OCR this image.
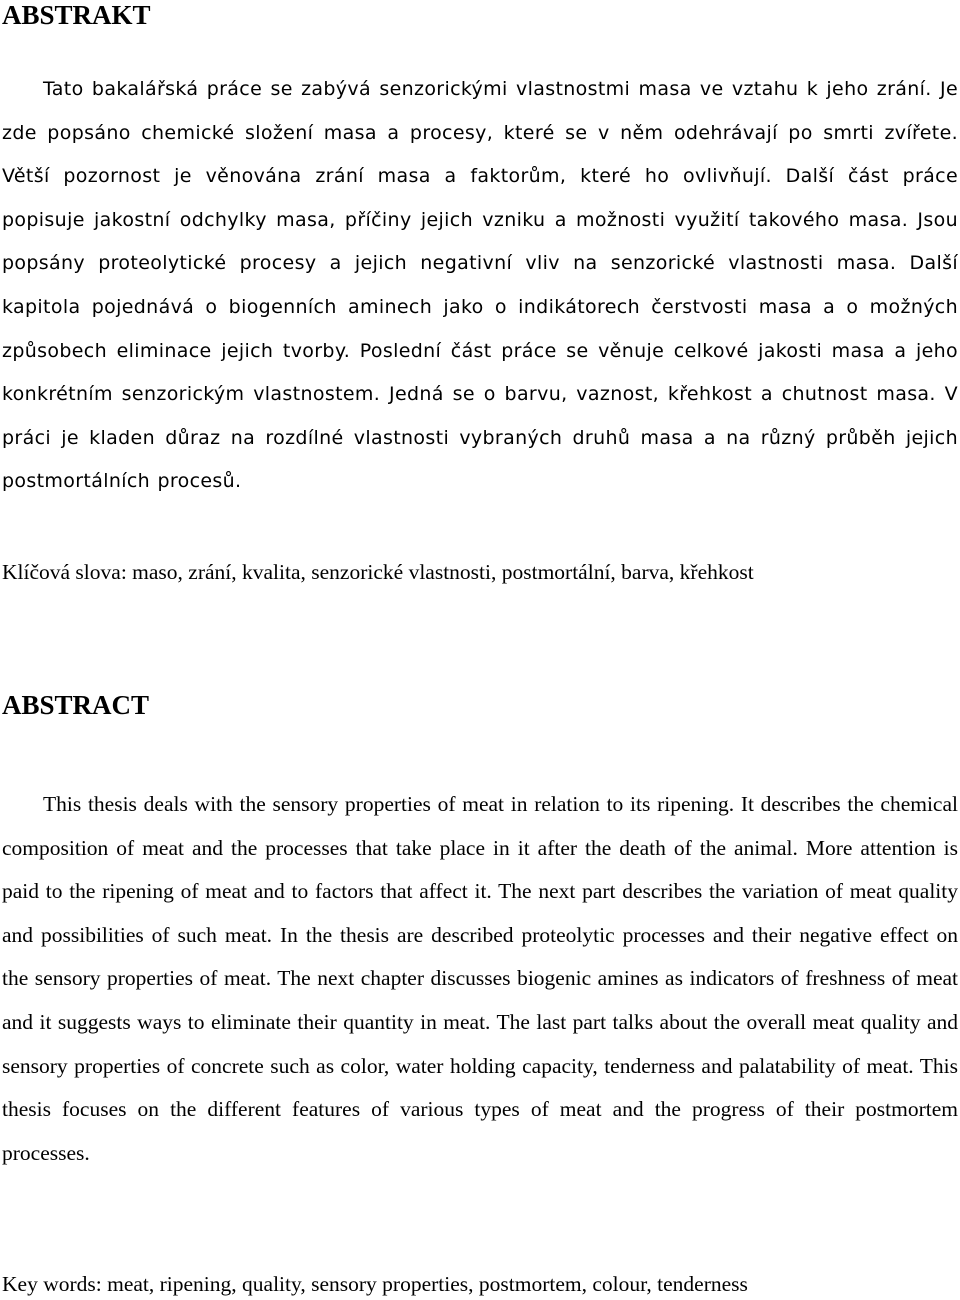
ABSTRAKT

Tato bakalářská práce se zabývá senzorickými vlastnostmi masa ve vztahu k jeho zrání. Je zde popsáno chemické složení masa a procesy, které se v něm odehrávají po smrti zvířete. Větší pozornost je věnována zrání masa a faktorům, které ho ovlivňují. Další část práce popisuje jakostní odchylky masa, příčiny jejich vzniku a možnosti využití takového masa. Jsou popsány proteolytické procesy a jejich negativní vliv na senzorické vlastnosti masa. Další kapitola pojednává o biogenních aminech jako o indikátorech čerstvosti masa a o možných způsobech eliminace jejich tvorby. Poslední část práce se věnuje celkové jakosti masa a jeho konkrétním senzorickým vlastnostem. Jedná se o barvu, vaznost, křehkost a chutnost masa. V práci je kladen důraz na rozdílné vlastnosti vybraných druhů masa a na různý průběh jejich postmortálních procesů.

Klíčová slova: maso, zrání, kvalita, senzorické vlastnosti, postmortální, barva, křehkost

ABSTRACT

This thesis deals with the sensory properties of meat in relation to its ripening. It describes the chemical composition of meat and the processes that take place in it after the death of the animal. More attention is paid to the ripening of meat and to factors that affect it. The next part describes the variation of meat quality and possibilities of such meat. In the thesis are described proteolytic processes and their negative effect on the sensory properties of meat. The next chapter discusses biogenic amines as indicators of freshness of meat and it suggests ways to eliminate their quantity in meat. The last part talks about the overall meat quality and sensory properties of concrete such as color, water holding capacity, tenderness and palatability of meat. This thesis focuses on the different features of various types of meat and the progress of their postmortem processes.

Key words: meat, ripening, quality, sensory properties, postmortem, colour, tenderness
